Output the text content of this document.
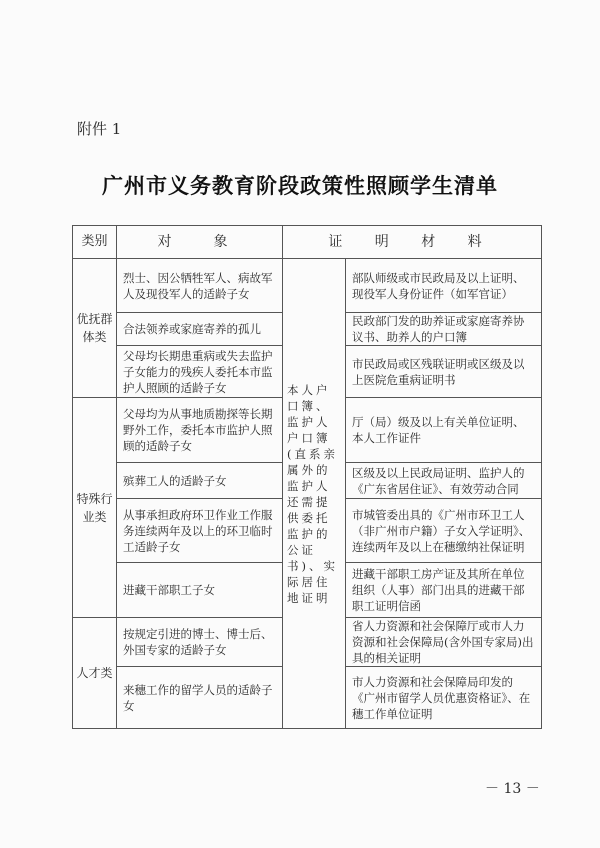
附件 1
广州市义务教育阶段政策性照顾学生清单
类别	对　象	证 明 材 料	
优抚群体类	烈士、因公牺牲军人、病故军人及现役军人的适龄子女	本人户口簿、监护人户口簿(直系亲属外的监护人还需提供委托监护的公证书)、实际居住地证明	部队师级或市民政局及以上证明、现役军人身份证件（如军官证）
	合法领养或家庭寄养的孤儿		民政部门发的助养证或家庭寄养协议书、助养人的户口簿
	父母均长期患重病或失去监护子女能力的残疾人委托本市监护人照顾的适龄子女		市民政局或区残联证明或区级及以上医院危重病证明书
特殊行业类	父母均为从事地质勘探等长期野外工作，委托本市监护人照顾的适龄子女		厅（局）级及以上有关单位证明、本人工作证件
	殡葬工人的适龄子女		区级及以上民政局证明、监护人的《广东省居住证》、有效劳动合同
	从事承担政府环卫作业工作服务连续两年及以上的环卫临时工适龄子女		市城管委出具的《广州市环卫工人（非广州市户籍）子女入学证明》、连续两年及以上在穗缴纳社保证明
	进藏干部职工子女		进藏干部职工房产证及其所在单位组织（人事）部门出具的进藏干部职工证明信函
人才类	按规定引进的博士、博士后、外国专家的适龄子女		省人力资源和社会保障厅或市人力资源和社会保障局(含外国专家局)出具的相关证明
	来穗工作的留学人员的适龄子女		市人力资源和社会保障局印发的《广州市留学人员优惠资格证》、在穗工作单位证明
－ 13 －
